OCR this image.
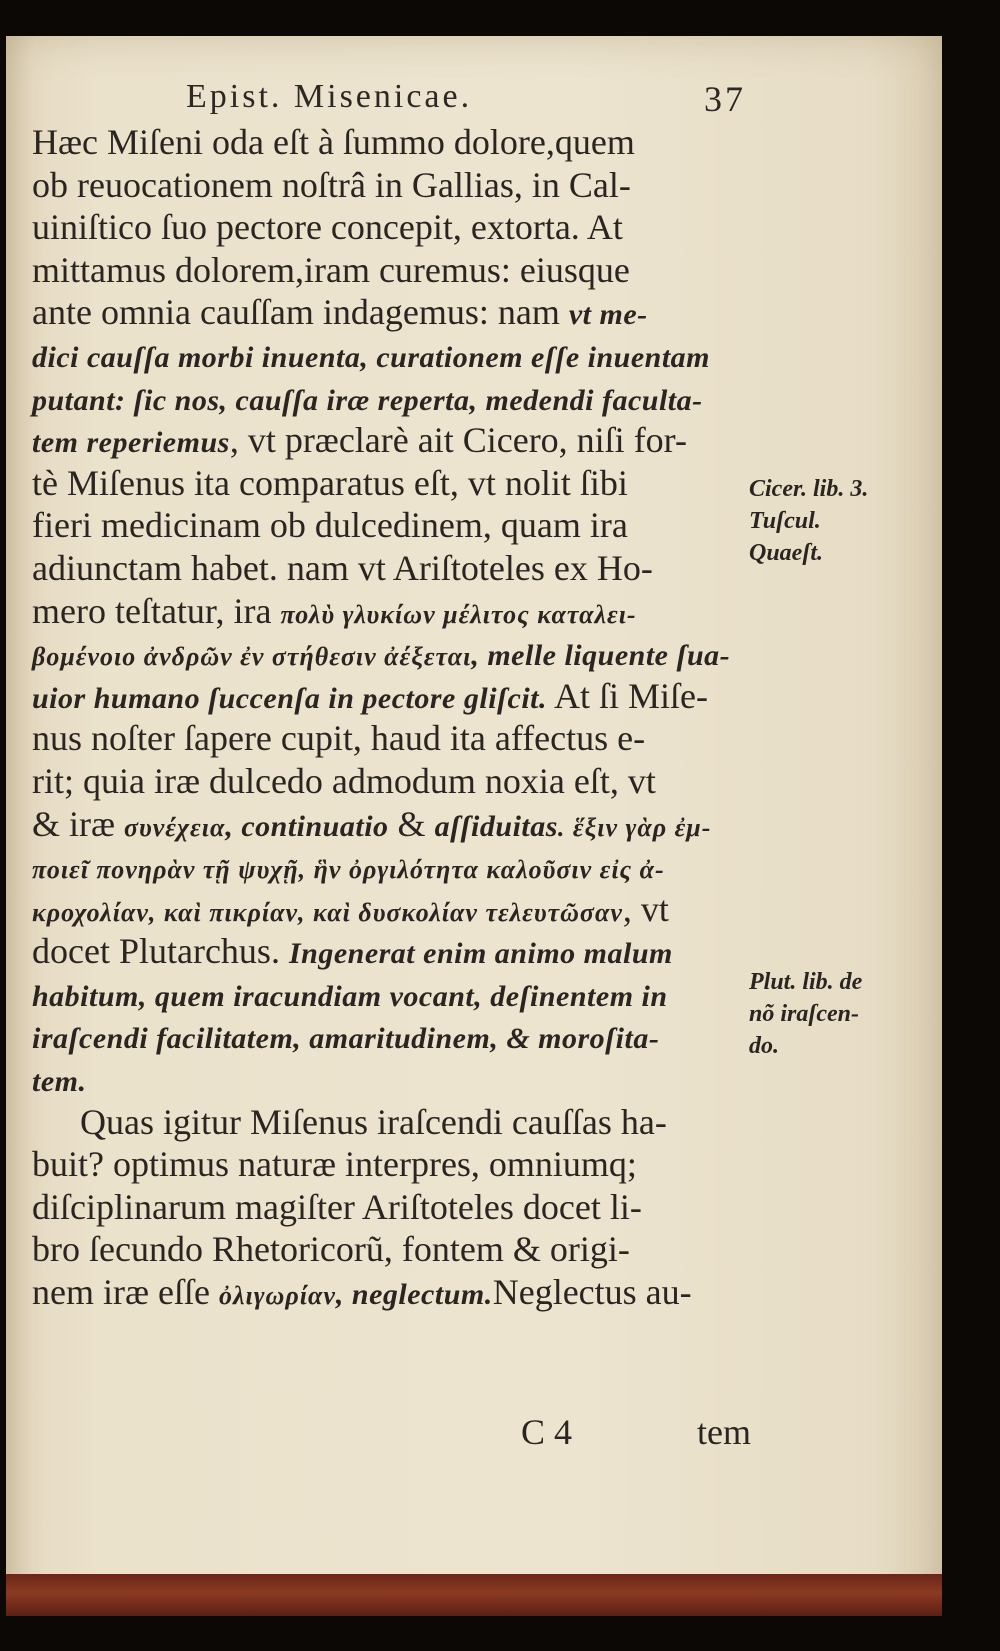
Epist. Misenicae.	37
Hæc Miſeni oda eſt à ſummo dolore,quem
ob reuocationem noſtrâ in Gallias, in Cal-
uiniſtico ſuo pectore concepit, extorta. At
mittamus dolorem,iram curemus: eiusque
ante omnia cauſſam indagemus: nam vt me-
dici cauſſa morbi inuenta, curationem eſſe inuentam
putant: ſic nos, cauſſa iræ reperta, medendi faculta-
tem reperiemus, vt præclarè ait Cicero, niſi for-
tè Miſenus ita comparatus eſt, vt nolit ſibi
fieri medicinam ob dulcedinem, quam ira
adiunctam habet. nam vt Ariſtoteles ex Ho-
mero teſtatur, ira πολὺ γλυκίων μέλιτος καταλει-
βομένοιο ἀνδρῶν ἐν στήθεσιν ἀέξεται, melle liquente ſua-
uior humano ſuccenſa in pectore gliſcit. At ſi Miſe-
nus noſter ſapere cupit, haud ita affectus e-
rit; quia iræ dulcedo admodum noxia eſt, vt
& iræ συνέχεια, continuatio & aſſiduitas. ἕξιν γὰρ ἐμ-
ποιεῖ πονηρὰν τῇ ψυχῇ, ἣν ὀργιλότητα καλοῦσιν εἰς ἀ-
κροχολίαν, καὶ πικρίαν, καὶ δυσκολίαν τελευτῶσαν, vt
docet Plutarchus. Ingenerat enim animo malum
habitum, quem iracundiam vocant, deſinentem in
iraſcendi facilitatem, amaritudinem, & moroſita-
tem.
Quas igitur Miſenus iraſcendi cauſſas ha-
buit? optimus naturæ interpres, omniumq;
diſciplinarum magiſter Ariſtoteles docet li-
bro ſecundo Rhetoricorũ, fontem & origi-
nem iræ eſſe ὀλιγωρίαν, neglectum.Neglectus au-
C 4	tem
Cicer. lib. 3.
Tuſcul.
Quaeſt.
Plut. lib. de
nõ iraſcen-
do.
